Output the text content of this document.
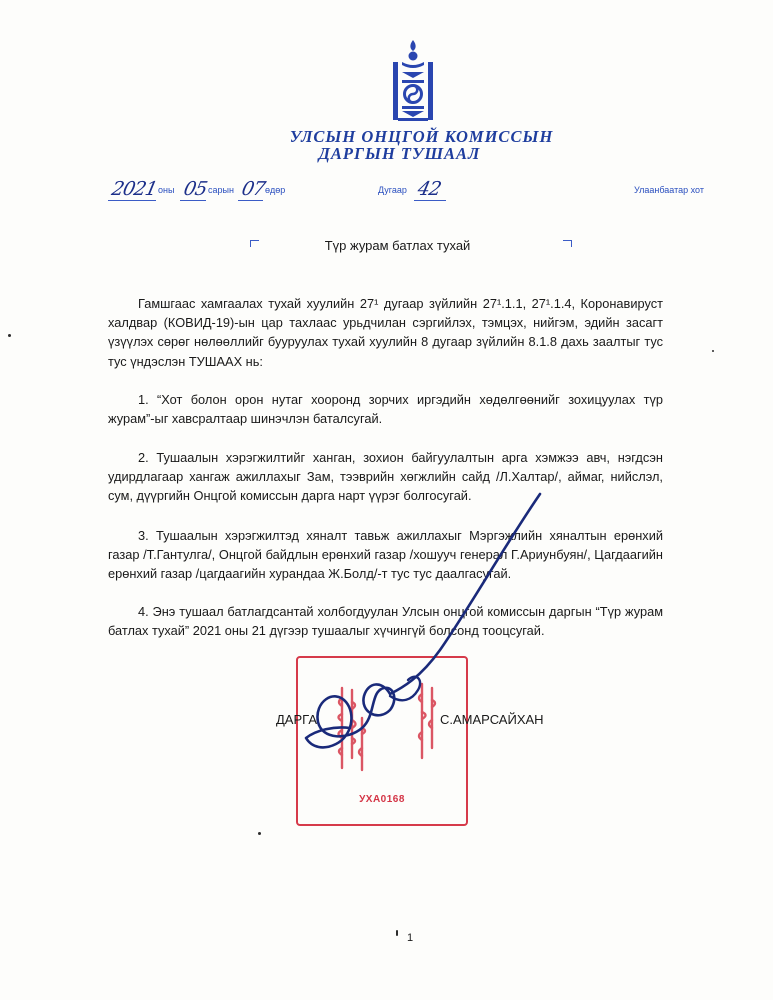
УЛСЫН ОНЦГОЙ КОМИССЫН
ДАРГЫН ТУШААЛ
2021 оны 05 сарын 07
өдөр	Дугаар 42	Улаанбаатар хот
Түр журам батлах тухай

Гамшгаас хамгаалах тухай хуулийн 27¹ дугаар зүйлийн 27¹.1.1, 27¹.1.4, Коронавируст халдвар (КОВИД-19)-ын цар тахлаас урьдчилан сэргийлэх, тэмцэх, нийгэм, эдийн засагт үзүүлэх сөрөг нөлөөллийг бууруулах тухай хуулийн 8 дугаар зүйлийн 8.1.8 дахь заалтыг тус тус үндэслэн ТУШААХ нь:

1. “Хот болон орон нутаг хооронд зорчих иргэдийн хөдөлгөөнийг зохицуулах түр журам”-ыг хавсралтаар шинэчлэн баталсугай.

2. Тушаалын хэрэгжилтийг ханган, зохион байгуулалтын арга хэмжээ авч, нэгдсэн удирдлагаар хангаж ажиллахыг Зам, тээврийн хөгжлийн сайд /Л.Халтар/, аймаг, нийслэл, сум, дүүргийн Онцгой комиссын дарга нарт үүрэг болгосугай.

3. Тушаалын хэрэгжилтэд хяналт тавьж ажиллахыг Мэргэжлийн хяналтын ерөнхий газар /Т.Гантулга/, Онцгой байдлын ерөнхий газар /хошууч генерал Г.Ариунбуян/, Цагдаагийн ерөнхий газар /цагдаагийн хурандаа Ж.Болд/-т тус тус даалгасугай.

4. Энэ тушаал батлагдсантай холбогдуулан Улсын онцгой комиссын даргын “Түр журам батлах тухай” 2021 оны 21 дүгээр тушаалыг хүчингүй болсонд тооцсугай.

УХА0168
ДАРГА	С.АМАРСАЙХАН
1
